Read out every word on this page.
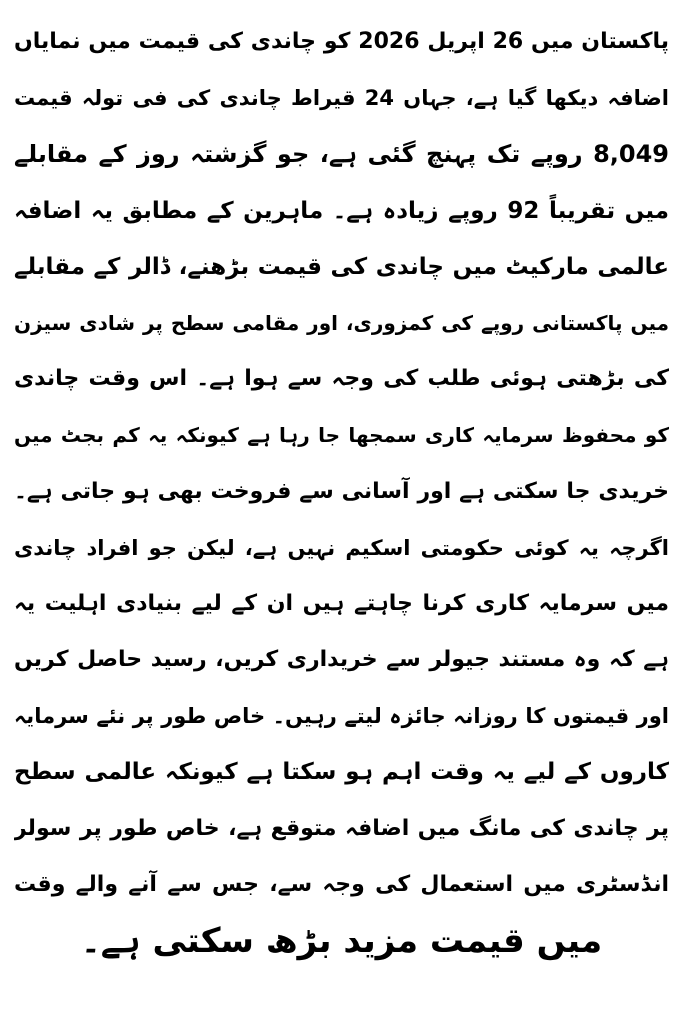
پاکستان میں 26 اپریل 2026 کو چاندی کی قیمت میں نمایاں
اضافہ دیکھا گیا ہے، جہاں 24 قیراط چاندی کی فی تولہ قیمت
8,049 روپے تک پہنچ گئی ہے، جو گزشتہ روز کے مقابلے
میں تقریباً 92 روپے زیادہ ہے۔ ماہرین کے مطابق یہ اضافہ
عالمی مارکیٹ میں چاندی کی قیمت بڑھنے، ڈالر کے مقابلے
میں پاکستانی روپے کی کمزوری، اور مقامی سطح پر شادی سیزن
کی بڑھتی ہوئی طلب کی وجہ سے ہوا ہے۔ اس وقت چاندی
کو محفوظ سرمایہ کاری سمجھا جا رہا ہے کیونکہ یہ کم بجٹ میں
خریدی جا سکتی ہے اور آسانی سے فروخت بھی ہو جاتی ہے۔
اگرچہ یہ کوئی حکومتی اسکیم نہیں ہے، لیکن جو افراد چاندی
میں سرمایہ کاری کرنا چاہتے ہیں ان کے لیے بنیادی اہلیت یہ
ہے کہ وہ مستند جیولر سے خریداری کریں، رسید حاصل کریں
اور قیمتوں کا روزانہ جائزہ لیتے رہیں۔ خاص طور پر نئے سرمایہ
کاروں کے لیے یہ وقت اہم ہو سکتا ہے کیونکہ عالمی سطح
پر چاندی کی مانگ میں اضافہ متوقع ہے، خاص طور پر سولر
انڈسٹری میں استعمال کی وجہ سے، جس سے آنے والے وقت
میں قیمت مزید بڑھ سکتی ہے۔
